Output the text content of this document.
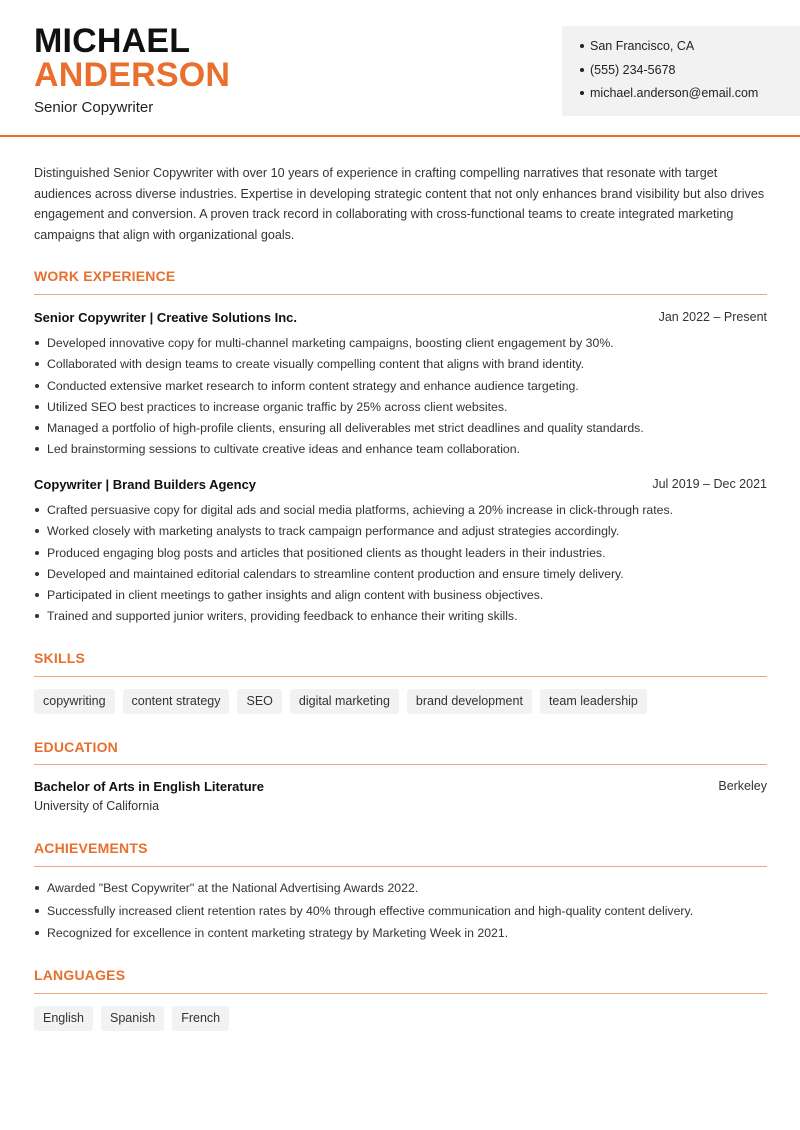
MICHAEL
ANDERSON
Senior Copywriter
San Francisco, CA
(555) 234-5678
michael.anderson@email.com

Distinguished Senior Copywriter with over 10 years of experience in crafting compelling narratives that resonate with target audiences across diverse industries. Expertise in developing strategic content that not only enhances brand visibility but also drives engagement and conversion. A proven track record in collaborating with cross-functional teams to create integrated marketing campaigns that align with organizational goals.

WORK EXPERIENCE
Senior Copywriter | Creative Solutions Inc.	Jan 2022 – Present
Developed innovative copy for multi-channel marketing campaigns, boosting client engagement by 30%.
Collaborated with design teams to create visually compelling content that aligns with brand identity.
Conducted extensive market research to inform content strategy and enhance audience targeting.
Utilized SEO best practices to increase organic traffic by 25% across client websites.
Managed a portfolio of high-profile clients, ensuring all deliverables met strict deadlines and quality standards.
Led brainstorming sessions to cultivate creative ideas and enhance team collaboration.
Copywriter | Brand Builders Agency	Jul 2019 – Dec 2021
Crafted persuasive copy for digital ads and social media platforms, achieving a 20% increase in click-through rates.
Worked closely with marketing analysts to track campaign performance and adjust strategies accordingly.
Produced engaging blog posts and articles that positioned clients as thought leaders in their industries.
Developed and maintained editorial calendars to streamline content production and ensure timely delivery.
Participated in client meetings to gather insights and align content with business objectives.
Trained and supported junior writers, providing feedback to enhance their writing skills.
SKILLS
copywriting	content strategy	SEO	digital marketing	brand development	team leadership
EDUCATION
Bachelor of Arts in English Literature	Berkeley
University of California
ACHIEVEMENTS
Awarded "Best Copywriter" at the National Advertising Awards 2022.
Successfully increased client retention rates by 40% through effective communication and high-quality content delivery.
Recognized for excellence in content marketing strategy by Marketing Week in 2021.
LANGUAGES
English	Spanish	French
